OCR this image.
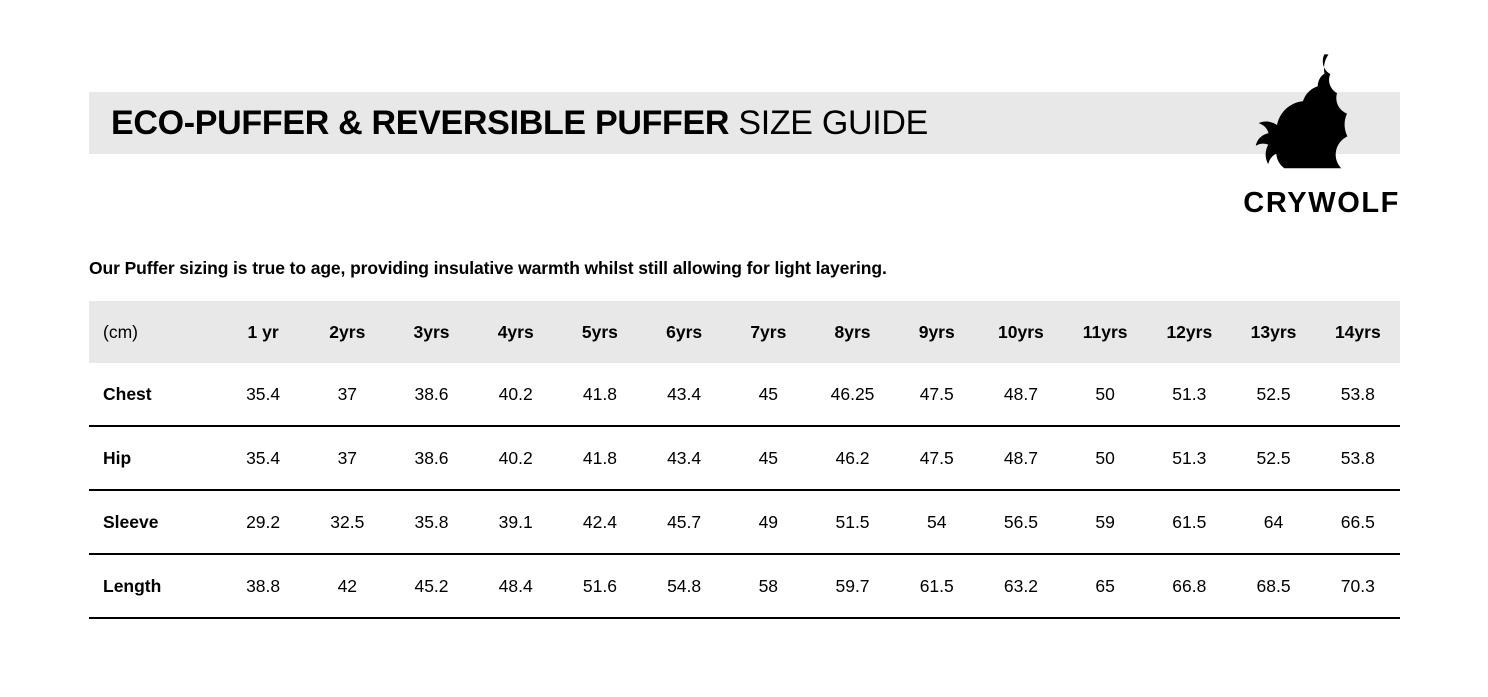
ECO-PUFFER & REVERSIBLE PUFFER SIZE GUIDE
CRYWOLF
Our Puffer sizing is true to age, providing insulative warmth whilst still allowing for light layering.
(cm)	1 yr	2yrs	3yrs	4yrs	5yrs	6yrs	7yrs	8yrs	9yrs	10yrs	11yrs	12yrs	13yrs	14yrs
Chest	35.4	37	38.6	40.2	41.8	43.4	45	46.25	47.5	48.7	50	51.3	52.5	53.8
Hip	35.4	37	38.6	40.2	41.8	43.4	45	46.2	47.5	48.7	50	51.3	52.5	53.8
Sleeve	29.2	32.5	35.8	39.1	42.4	45.7	49	51.5	54	56.5	59	61.5	64	66.5
Length	38.8	42	45.2	48.4	51.6	54.8	58	59.7	61.5	63.2	65	66.8	68.5	70.3
